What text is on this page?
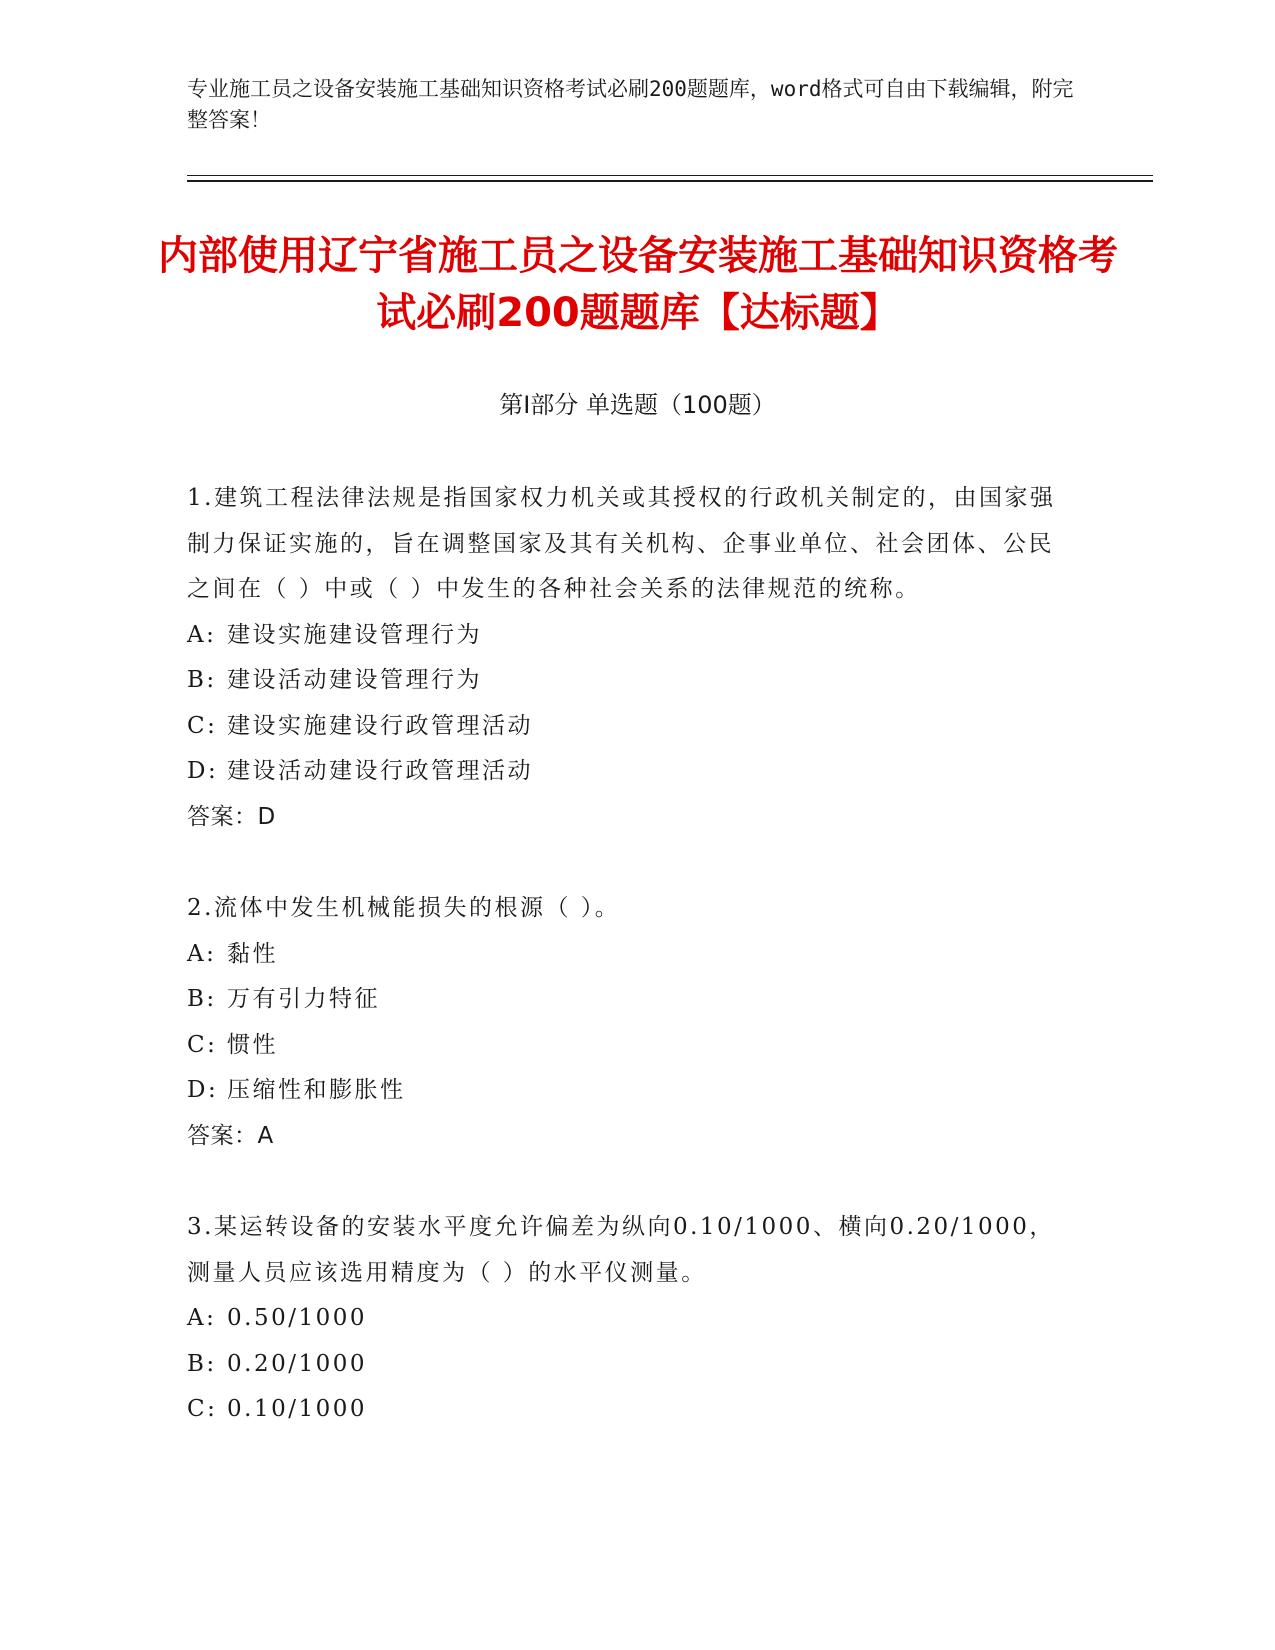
专业施工员之设备安装施工基础知识资格考试必刷200题题库，word格式可自由下载编辑，附完整答案！
内部使用辽宁省施工员之设备安装施工基础知识资格考试必刷200题题库【达标题】
第Ⅰ部分 单选题（100题）
1.建筑工程法律法规是指国家权力机关或其授权的行政机关制定的，由国家强制力保证实施的，旨在调整国家及其有关机构、企事业单位、社会团体、公民之间在（ ）中或（ ）中发生的各种社会关系的法律规范的统称。
A: 建设实施建设管理行为
B: 建设活动建设管理行为
C: 建设实施建设行政管理活动
D: 建设活动建设行政管理活动
答案：D
2.流体中发生机械能损失的根源（ ）。
A: 黏性
B: 万有引力特征
C: 惯性
D: 压缩性和膨胀性
答案：A
3.某运转设备的安装水平度允许偏差为纵向0.10/1000、横向0.20/1000，测量人员应该选用精度为（ ）的水平仪测量。
A: 0.50/1000
B: 0.20/1000
C: 0.10/1000
